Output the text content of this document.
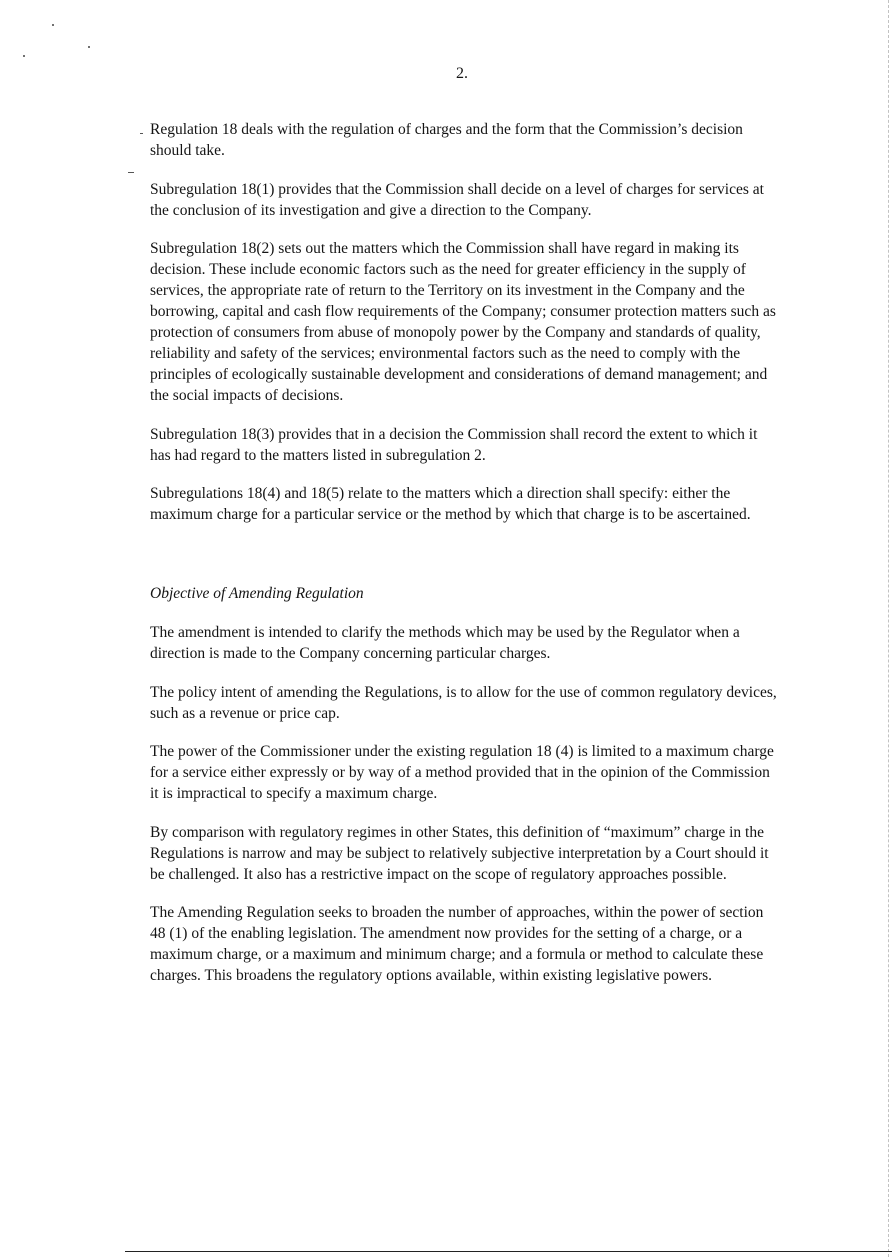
2.

Regulation 18 deals with the regulation of charges and the form that the Commission’s decision should take.

Subregulation 18(1) provides that the Commission shall decide on a level of charges for services at the conclusion of its investigation and give a direction to the Company.

Subregulation 18(2) sets out the matters which the Commission shall have regard in making its decision. These include economic factors such as the need for greater efficiency in the supply of services, the appropriate rate of return to the Territory on its investment in the Company and the borrowing, capital and cash flow requirements of the Company; consumer protection matters such as protection of consumers from abuse of monopoly power by the Company and standards of quality, reliability and safety of the services; environmental factors such as the need to comply with the principles of ecologically sustainable development and considerations of demand management; and the social impacts of decisions.

Subregulation 18(3) provides that in a decision the Commission shall record the extent to which it has had regard to the matters listed in subregulation 2.

Subregulations 18(4) and 18(5) relate to the matters which a direction shall specify: either the maximum charge for a particular service or the method by which that charge is to be ascertained.

Objective of Amending Regulation

The amendment is intended to clarify the methods which may be used by the Regulator when a direction is made to the Company concerning particular charges.

The policy intent of amending the Regulations, is to allow for the use of common regulatory devices, such as a revenue or price cap.

The power of the Commissioner under the existing regulation 18 (4) is limited to a maximum charge for a service either expressly or by way of a method provided that in the opinion of the Commission it is impractical to specify a maximum charge.

By comparison with regulatory regimes in other States, this definition of “maximum” charge in the Regulations is narrow and may be subject to relatively subjective interpretation by a Court should it be challenged. It also has a restrictive impact on the scope of regulatory approaches possible.

The Amending Regulation seeks to broaden the number of approaches, within the power of section 48 (1) of the enabling legislation. The amendment now provides for the setting of a charge, or a maximum charge, or a maximum and minimum charge; and a formula or method to calculate these charges. This broadens the regulatory options available, within existing legislative powers.
